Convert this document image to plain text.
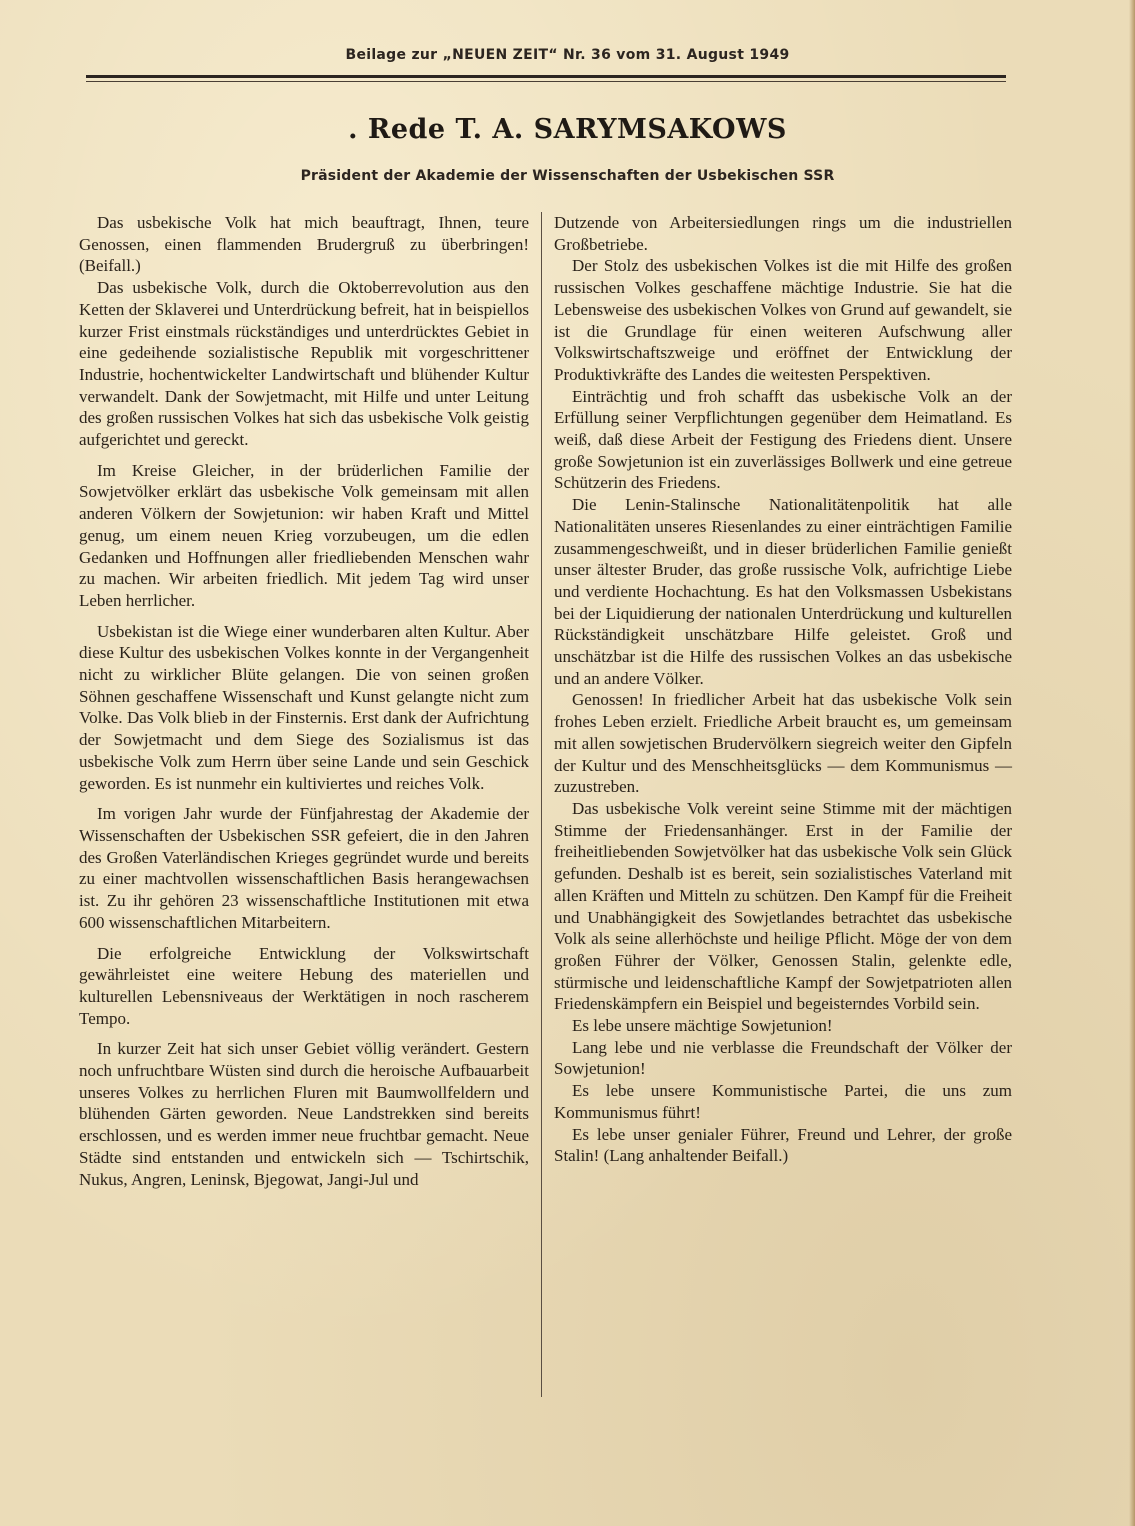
Beilage zur „NEUEN ZEIT“ Nr. 36 vom 31. August 1949
. Rede T. A. SARYMSAKOWS
Präsident der Akademie der Wissenschaften der Usbekischen SSR

Das usbekische Volk hat mich beauftragt, Ihnen, teure Genossen, einen flammenden Brudergruß zu überbringen! (Beifall.)

Das usbekische Volk, durch die Oktoberrevolution aus den Ketten der Sklaverei und Unterdrückung befreit, hat in beispiellos kurzer Frist einstmals rückständiges und unterdrücktes Gebiet in eine gedeihende sozialistische Republik mit vorgeschrittener Industrie, hochentwickelter Landwirtschaft und blühender Kultur verwandelt. Dank der Sowjetmacht, mit Hilfe und unter Leitung des großen russischen Volkes hat sich das usbekische Volk geistig aufgerichtet und gereckt.

Im Kreise Gleicher, in der brüderlichen Familie der Sowjetvölker erklärt das usbekische Volk gemeinsam mit allen anderen Völkern der Sowjetunion: wir haben Kraft und Mittel genug, um einem neuen Krieg vorzubeugen, um die edlen Gedanken und Hoffnungen aller friedliebenden Menschen wahr zu machen. Wir arbeiten friedlich. Mit jedem Tag wird unser Leben herrlicher.

Usbekistan ist die Wiege einer wunderbaren alten Kultur. Aber diese Kultur des usbekischen Volkes konnte in der Vergangenheit nicht zu wirklicher Blüte gelangen. Die von seinen großen Söhnen geschaffene Wissenschaft und Kunst gelangte nicht zum Volke. Das Volk blieb in der Finsternis. Erst dank der Aufrichtung der Sowjetmacht und dem Siege des Sozialismus ist das usbekische Volk zum Herrn über seine Lande und sein Geschick geworden. Es ist nunmehr ein kultiviertes und reiches Volk.

Im vorigen Jahr wurde der Fünfjahrestag der Akademie der Wissenschaften der Usbekischen SSR gefeiert, die in den Jahren des Großen Vaterländischen Krieges gegründet wurde und bereits zu einer machtvollen wissenschaftlichen Basis herangewachsen ist. Zu ihr gehören 23 wissenschaftliche Institutionen mit etwa 600 wissenschaftlichen Mitarbeitern.

Die erfolgreiche Entwicklung der Volkswirtschaft gewährleistet eine weitere Hebung des materiellen und kulturellen Lebensniveaus der Werktätigen in noch rascherem Tempo.

In kurzer Zeit hat sich unser Gebiet völlig verändert. Gestern noch unfruchtbare Wüsten sind durch die heroische Aufbauarbeit unseres Volkes zu herrlichen Fluren mit Baumwollfeldern und blühenden Gärten geworden. Neue Landstrekken sind bereits erschlossen, und es werden immer neue fruchtbar gemacht. Neue Städte sind entstanden und entwickeln sich — Tschirtschik, Nukus, Angren, Leninsk, Bjegowat, Jangi-Jul und

Dutzende von Arbeitersiedlungen rings um die industriellen Großbetriebe.

Der Stolz des usbekischen Volkes ist die mit Hilfe des großen russischen Volkes geschaffene mächtige Industrie. Sie hat die Lebensweise des usbekischen Volkes von Grund auf gewandelt, sie ist die Grundlage für einen weiteren Aufschwung aller Volkswirtschaftszweige und eröffnet der Entwicklung der Produktivkräfte des Landes die weitesten Perspektiven.

Einträchtig und froh schafft das usbekische Volk an der Erfüllung seiner Verpflichtungen gegenüber dem Heimatland. Es weiß, daß diese Arbeit der Festigung des Friedens dient. Unsere große Sowjetunion ist ein zuverlässiges Bollwerk und eine getreue Schützerin des Friedens.

Die Lenin-Stalinsche Nationalitätenpolitik hat alle Nationalitäten unseres Riesenlandes zu einer einträchtigen Familie zusammengeschweißt, und in dieser brüderlichen Familie genießt unser ältester Bruder, das große russische Volk, aufrichtige Liebe und verdiente Hochachtung. Es hat den Volksmassen Usbekistans bei der Liquidierung der nationalen Unterdrückung und kulturellen Rückständigkeit unschätzbare Hilfe geleistet. Groß und unschätzbar ist die Hilfe des russischen Volkes an das usbekische und an andere Völker.

Genossen! In friedlicher Arbeit hat das usbekische Volk sein frohes Leben erzielt. Friedliche Arbeit braucht es, um gemeinsam mit allen sowjetischen Brudervölkern siegreich weiter den Gipfeln der Kultur und des Menschheitsglücks — dem Kommunismus — zuzustreben.

Das usbekische Volk vereint seine Stimme mit der mächtigen Stimme der Friedensanhänger. Erst in der Familie der freiheitliebenden Sowjetvölker hat das usbekische Volk sein Glück gefunden. Deshalb ist es bereit, sein sozialistisches Vaterland mit allen Kräften und Mitteln zu schützen. Den Kampf für die Freiheit und Unabhängigkeit des Sowjetlandes betrachtet das usbekische Volk als seine allerhöchste und heilige Pflicht. Möge der von dem großen Führer der Völker, Genossen Stalin, gelenkte edle, stürmische und leidenschaftliche Kampf der Sowjetpatrioten allen Friedenskämpfern ein Beispiel und begeisterndes Vorbild sein.

Es lebe unsere mächtige Sowjetunion!

Lang lebe und nie verblasse die Freundschaft der Völker der Sowjetunion!

Es lebe unsere Kommunistische Partei, die uns zum Kommunismus führt!

Es lebe unser genialer Führer, Freund und Lehrer, der große Stalin! (Lang anhaltender Beifall.)
